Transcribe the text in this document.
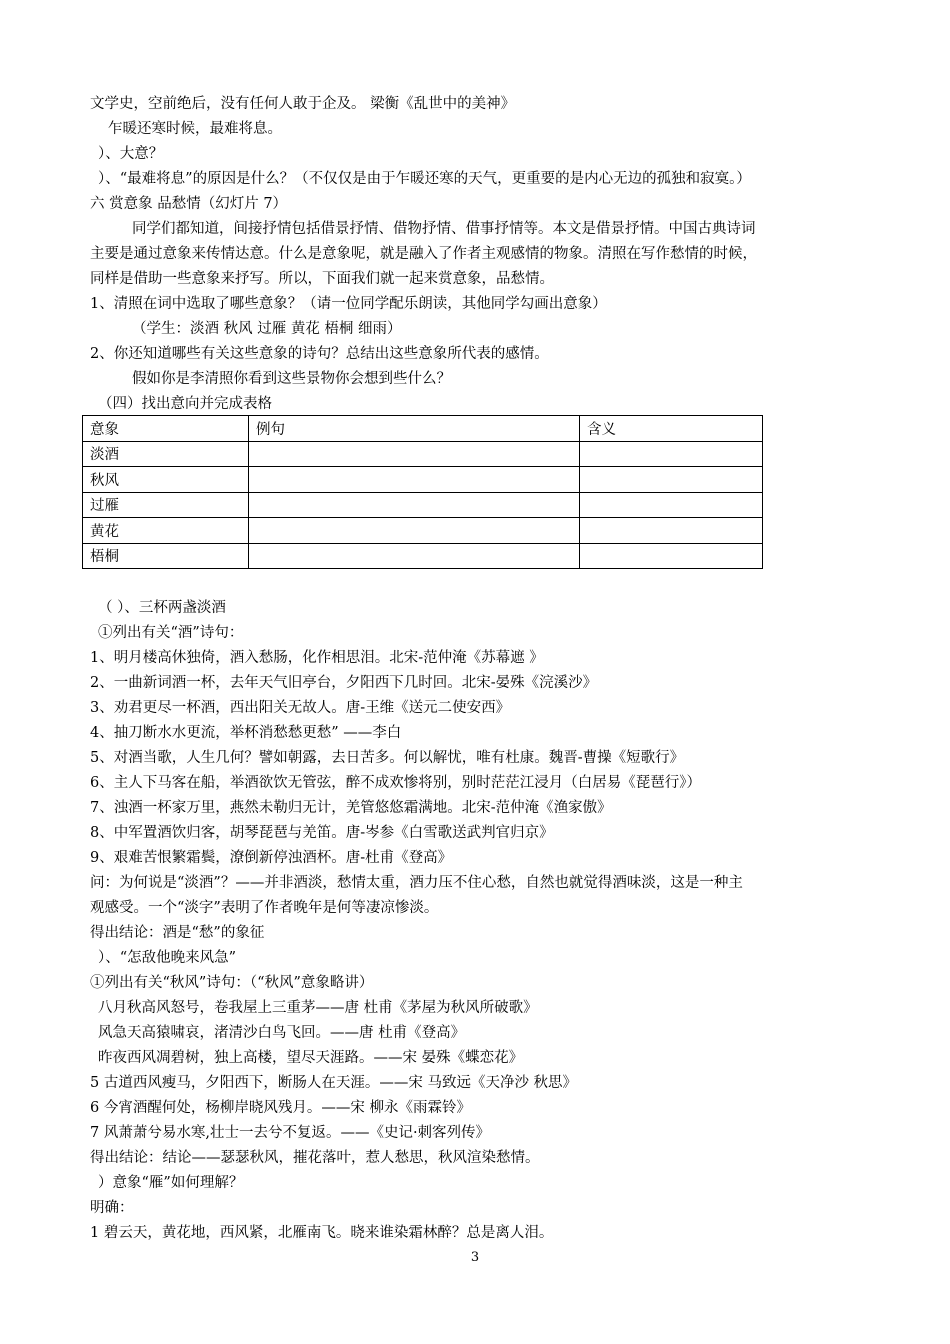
文学史，空前绝后，没有任何人敢于企及。 梁衡《乱世中的美神》
乍暖还寒时候，最难将息。
）、大意？
）、“最难将息”的原因是什么？（不仅仅是由于乍暖还寒的天气，更重要的是内心无边的孤独和寂寞。）
六 赏意象 品愁情（幻灯片 7）
同学们都知道，间接抒情包括借景抒情、借物抒情、借事抒情等。本文是借景抒情。中国古典诗词
主要是通过意象来传情达意。什么是意象呢，就是融入了作者主观感情的物象。清照在写作愁情的时候，
同样是借助一些意象来抒写。所以，下面我们就一起来赏意象，品愁情。
1、清照在词中选取了哪些意象？（请一位同学配乐朗读，其他同学勾画出意象）
（学生：淡酒 秋风 过雁 黄花 梧桐 细雨）
2、你还知道哪些有关这些意象的诗句？总结出这些意象所代表的感情。
假如你是李清照你看到这些景物你会想到些什么？
（四）找出意向并完成表格
意象	例句	含义
淡酒		
秋风		
过雁		
黄花		
梧桐		
（ ）、三杯两盏淡酒
①列出有关“酒”诗句：
1、明月楼高休独倚，酒入愁肠，化作相思泪。北宋-范仲淹《苏幕遮 》
2、一曲新词酒一杯，去年天气旧亭台，夕阳西下几时回。北宋-晏殊《浣溪沙》
3、劝君更尽一杯酒，西出阳关无故人。唐-王维《送元二使安西》
4、抽刀断水水更流，举杯消愁愁更愁” ——李白
5、对酒当歌，人生几何？譬如朝露，去日苦多。何以解忧，唯有杜康。魏晋-曹操《短歌行》
6、主人下马客在船，举酒欲饮无管弦，醉不成欢惨将别，别时茫茫江浸月（白居易《琵琶行》）
7、浊酒一杯家万里，燕然未勒归无计，羌管悠悠霜满地。北宋-范仲淹《渔家傲》
8、中军置酒饮归客，胡琴琵琶与羌笛。唐-岑参《白雪歌送武判官归京》
9、艰难苦恨繁霜鬓，潦倒新停浊酒杯。唐-杜甫《登高》
问：为何说是“淡酒”？——并非酒淡，愁情太重，酒力压不住心愁，自然也就觉得酒味淡，这是一种主
观感受。一个“淡字”表明了作者晚年是何等凄凉惨淡。
得出结论：酒是“愁”的象征
）、“怎敌他晚来风急”
①列出有关“秋风”诗句：（“秋风”意象略讲）
八月秋高风怒号，卷我屋上三重茅——唐 杜甫《茅屋为秋风所破歌》
风急天高猿啸哀，渚清沙白鸟飞回。——唐 杜甫《登高》
昨夜西风凋碧树，独上高楼，望尽天涯路。——宋 晏殊《蝶恋花》
5 古道西风瘦马，夕阳西下，断肠人在天涯。——宋 马致远《天净沙 秋思》
6 今宵酒醒何处，杨柳岸晓风残月。——宋 柳永《雨霖铃》
7 风萧萧兮易水寒,壮士一去兮不复返。——《史记·刺客列传》
得出结论：结论——瑟瑟秋风，摧花落叶，惹人愁思，秋风渲染愁情。
）意象“雁”如何理解？
明确：
1 碧云天，黄花地，西风紧，北雁南飞。晓来谁染霜林醉？总是离人泪。
3
